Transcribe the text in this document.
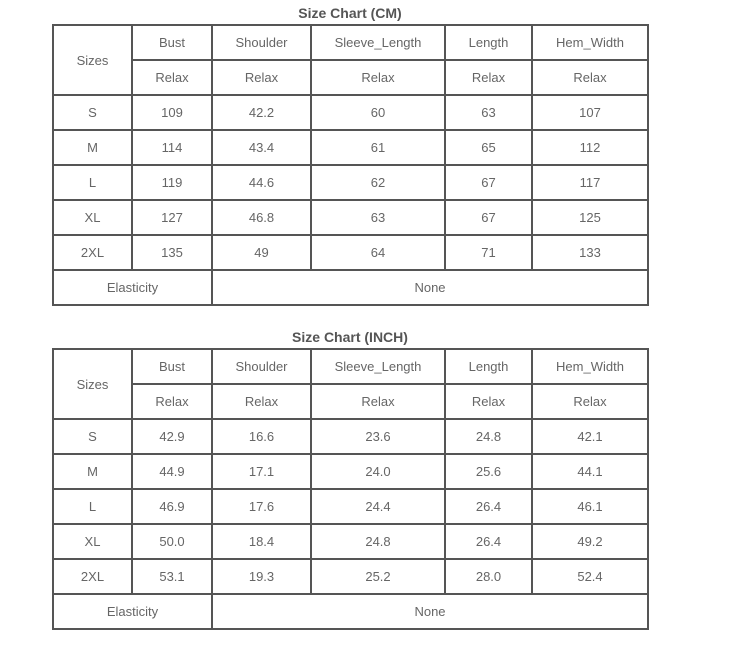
Size Chart (CM)
Sizes	Bust	Shoulder	Sleeve_Length	Length	Hem_Width
	Relax	Relax	Relax	Relax	Relax
S	109	42.2	60	63	107
M	114	43.4	61	65	112
L	119	44.6	62	67	117
XL	127	46.8	63	67	125
2XL	135	49	64	71	133
Elasticity		None			
Size Chart (INCH)
Sizes	Bust	Shoulder	Sleeve_Length	Length	Hem_Width
	Relax	Relax	Relax	Relax	Relax
S	42.9	16.6	23.6	24.8	42.1
M	44.9	17.1	24.0	25.6	44.1
L	46.9	17.6	24.4	26.4	46.1
XL	50.0	18.4	24.8	26.4	49.2
2XL	53.1	19.3	25.2	28.0	52.4
Elasticity		None			
